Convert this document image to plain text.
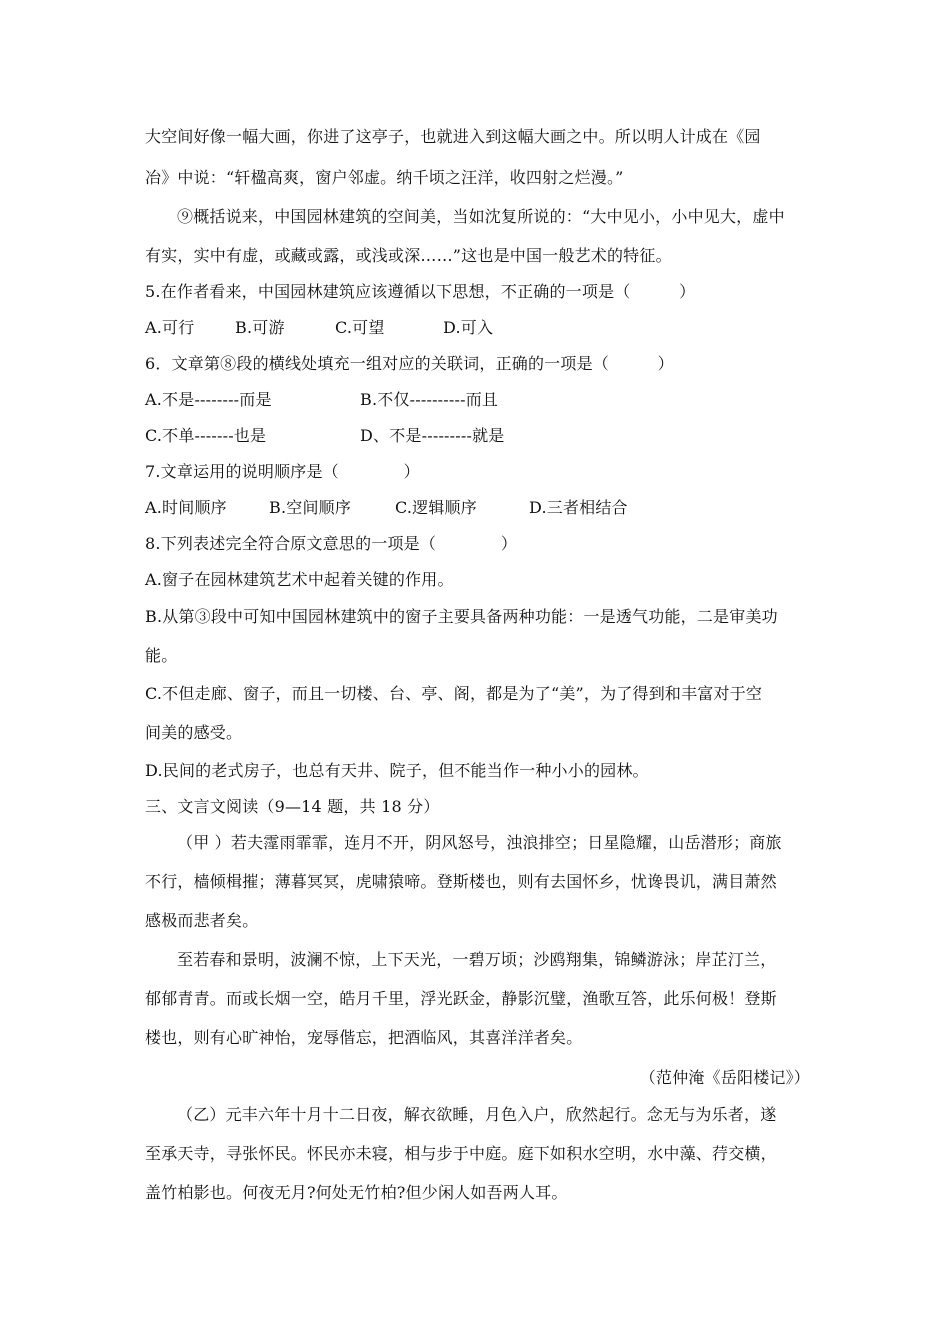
大空间好像一幅大画，你进了这亭子，也就进入到这幅大画之中。所以明人计成在《园
冶》中说：“轩楹高爽，窗户邻虚。纳千顷之汪洋，收四射之烂漫。”
⑨概括说来，中国园林建筑的空间美，当如沈复所说的：“大中见小，小中见大，虚中
有实，实中有虚，或藏或露，或浅或深……”这也是中国一般艺术的特征。
5.在作者看来，中国园林建筑应该遵循以下思想，不正确的一项是（　　　）
A.可行	B.可游	C.可望	D.可入
6．文章第⑧段的横线处填充一组对应的关联词，正确的一项是（　　　）
A.不是--------而是	B.不仅----------而且
C.不单-------也是	D、不是---------就是
7.文章运用的说明顺序是（　　　　）
A.时间顺序	B.空间顺序	C.逻辑顺序	D.三者相结合
8.下列表述完全符合原文意思的一项是（　　　　）
A.窗子在园林建筑艺术中起着关键的作用。
B.从第③段中可知中国园林建筑中的窗子主要具备两种功能：一是透气功能，二是审美功
能。
C.不但走廊、窗子，而且一切楼、台、亭、阁，都是为了“美”，为了得到和丰富对于空
间美的感受。
D.民间的老式房子，也总有天井、院子，但不能当作一种小小的园林。
三、文言文阅读（9—14 题，共 18 分）
（甲 ）若夫霪雨霏霏，连月不开，阴风怒号，浊浪排空；日星隐耀，山岳潜形；商旅
不行，樯倾楫摧；薄暮冥冥，虎啸猿啼。登斯楼也，则有去国怀乡，忧谗畏讥，满目萧然
感极而悲者矣。
至若春和景明，波澜不惊，上下天光，一碧万顷；沙鸥翔集，锦鳞游泳；岸芷汀兰，
郁郁青青。而或长烟一空，皓月千里，浮光跃金，静影沉璧，渔歌互答，此乐何极！登斯
楼也，则有心旷神怡，宠辱偕忘，把酒临风，其喜洋洋者矣。
（范仲淹《岳阳楼记》）
（乙）元丰六年十月十二日夜，解衣欲睡，月色入户，欣然起行。念无与为乐者，遂
至承天寺，寻张怀民。怀民亦未寝，相与步于中庭。庭下如积水空明，水中藻、荇交横，
盖竹柏影也。何夜无月?何处无竹柏?但少闲人如吾两人耳。
